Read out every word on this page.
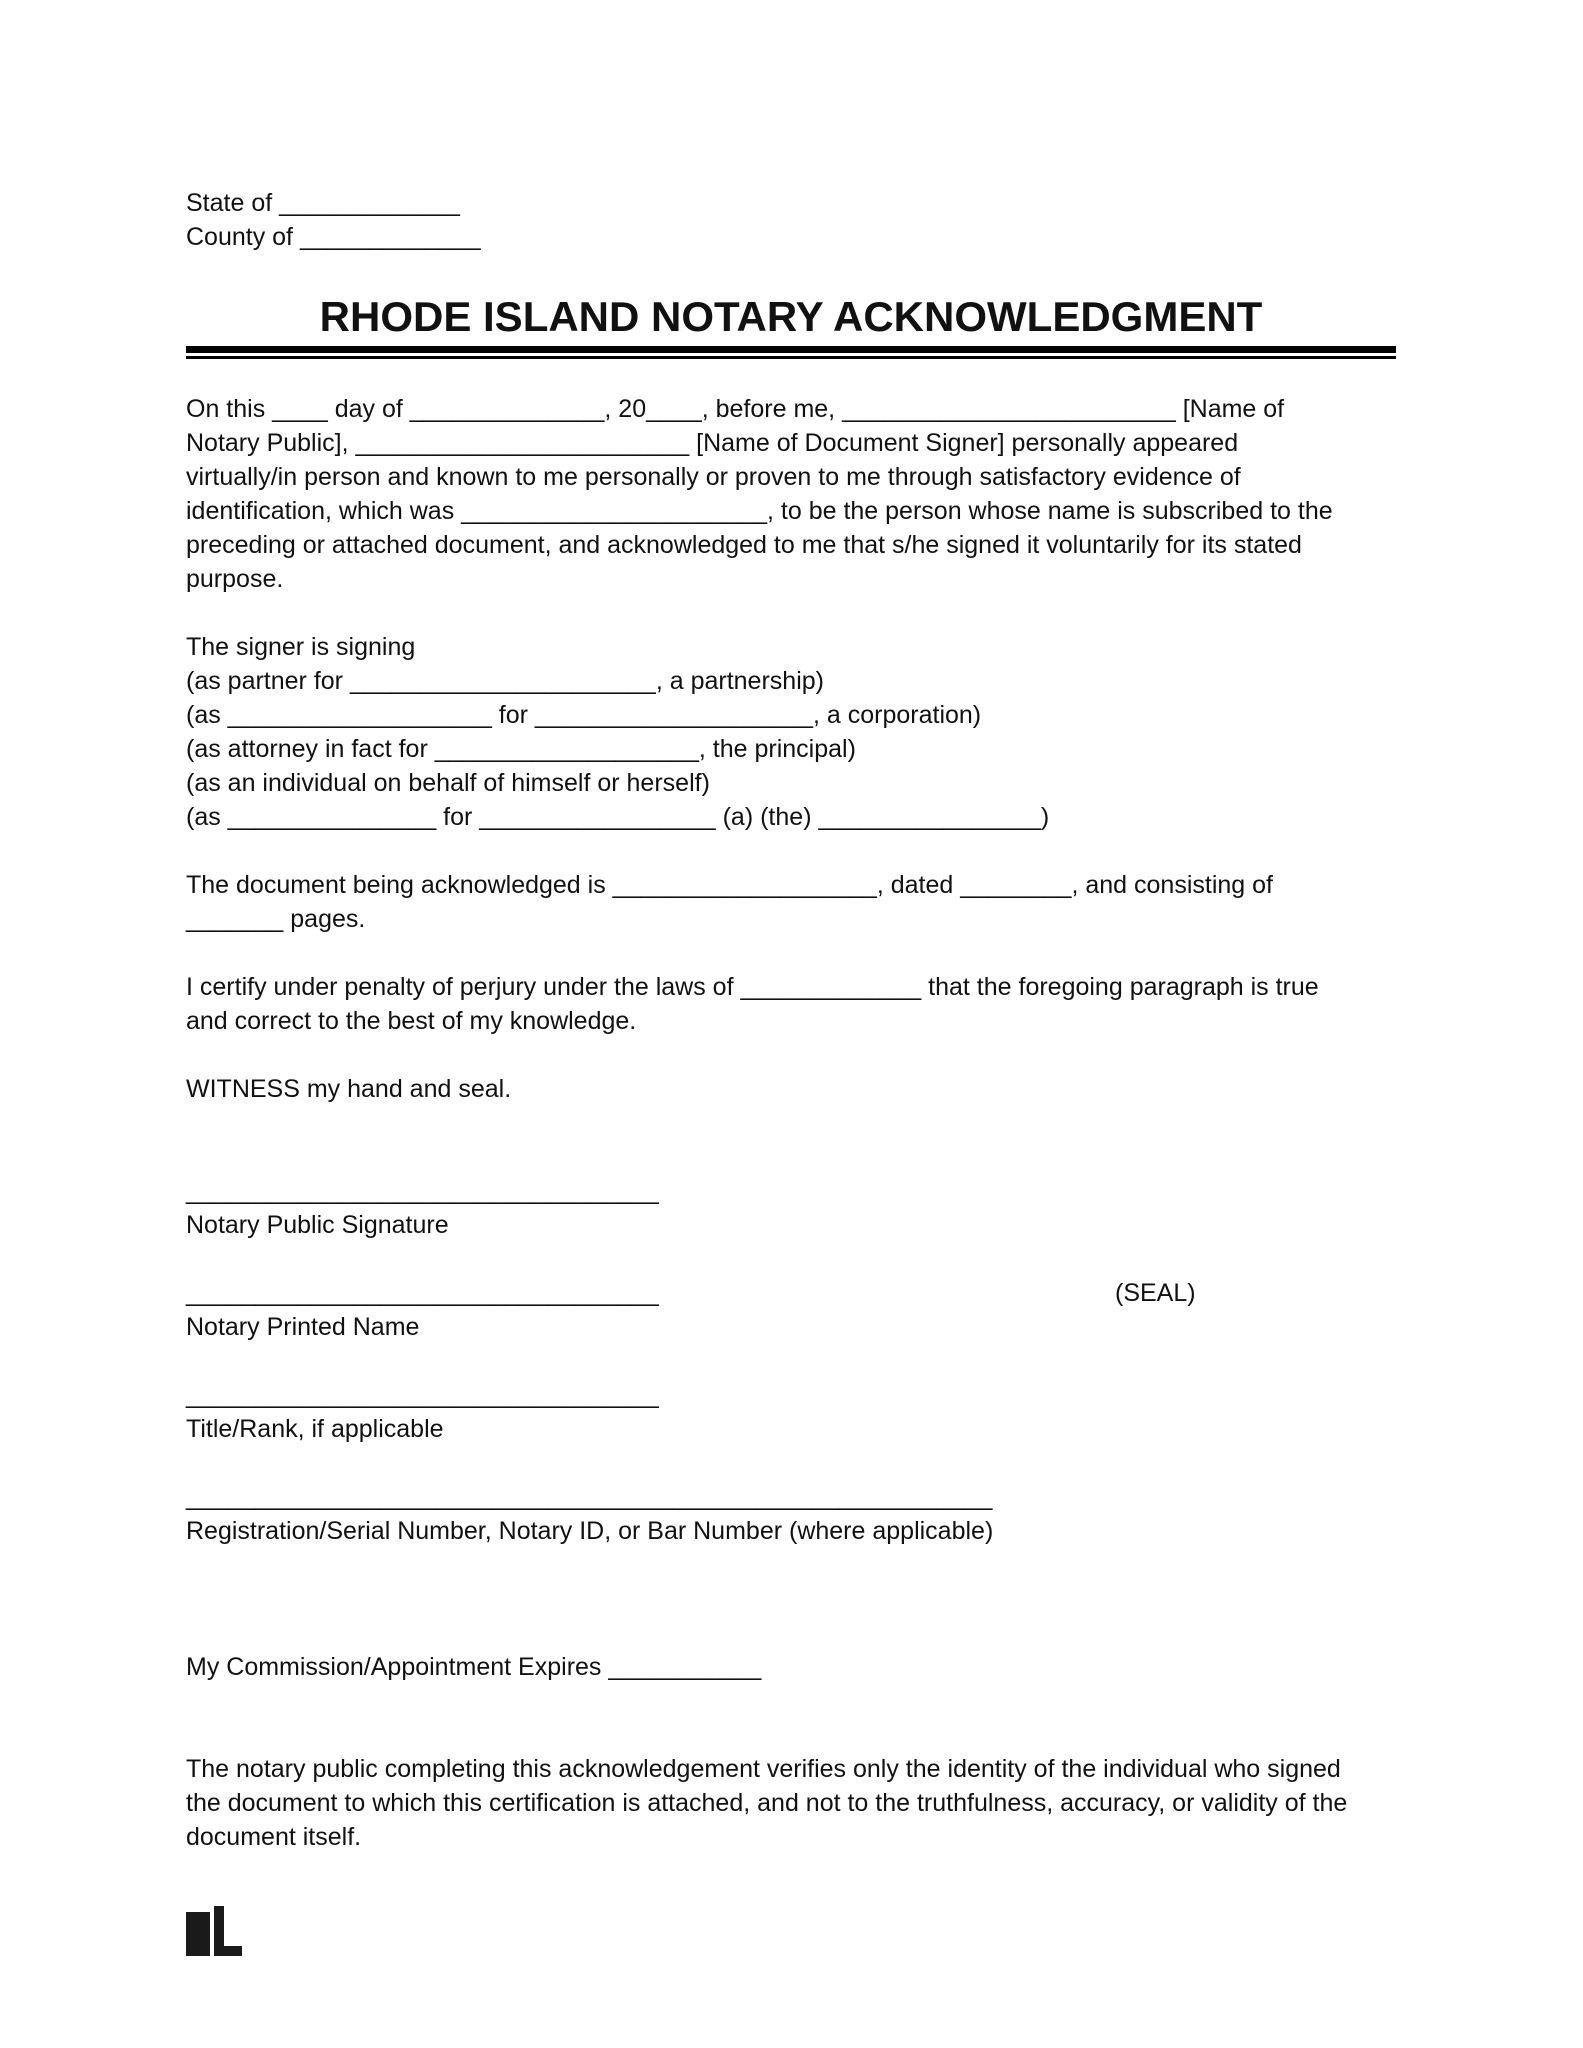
State of _____________

County of _____________

RHODE ISLAND NOTARY ACKNOWLEDGMENT

On this ____ day of ______________, 20____, before me, ________________________ [Name of

Notary Public], ________________________ [Name of Document Signer] personally appeared

virtually/in person and known to me personally or proven to me through satisfactory evidence of

identification, which was ______________________, to be the person whose name is subscribed to the

preceding or attached document, and acknowledged to me that s/he signed it voluntarily for its stated

purpose.

The signer is signing

(as partner for ______________________, a partnership)

(as ___________________ for ____________________, a corporation)

(as attorney in fact for ___________________, the principal)

(as an individual on behalf of himself or herself)

(as _______________ for _________________ (a) (the) ________________)

The document being acknowledged is ___________________, dated ________, and consisting of

_______ pages.

I certify under penalty of perjury under the laws of _____________ that the foregoing paragraph is true

and correct to the best of my knowledge.

WITNESS my hand and seal.

__________________________________

Notary Public Signature

__________________________________

Notary Printed Name

(SEAL)

__________________________________

Title/Rank, if applicable

__________________________________________________________

Registration/Serial Number, Notary ID, or Bar Number (where applicable)

My Commission/Appointment Expires ___________

The notary public completing this acknowledgement verifies only the identity of the individual who signed

the document to which this certification is attached, and not to the truthfulness, accuracy, or validity of the

document itself.
